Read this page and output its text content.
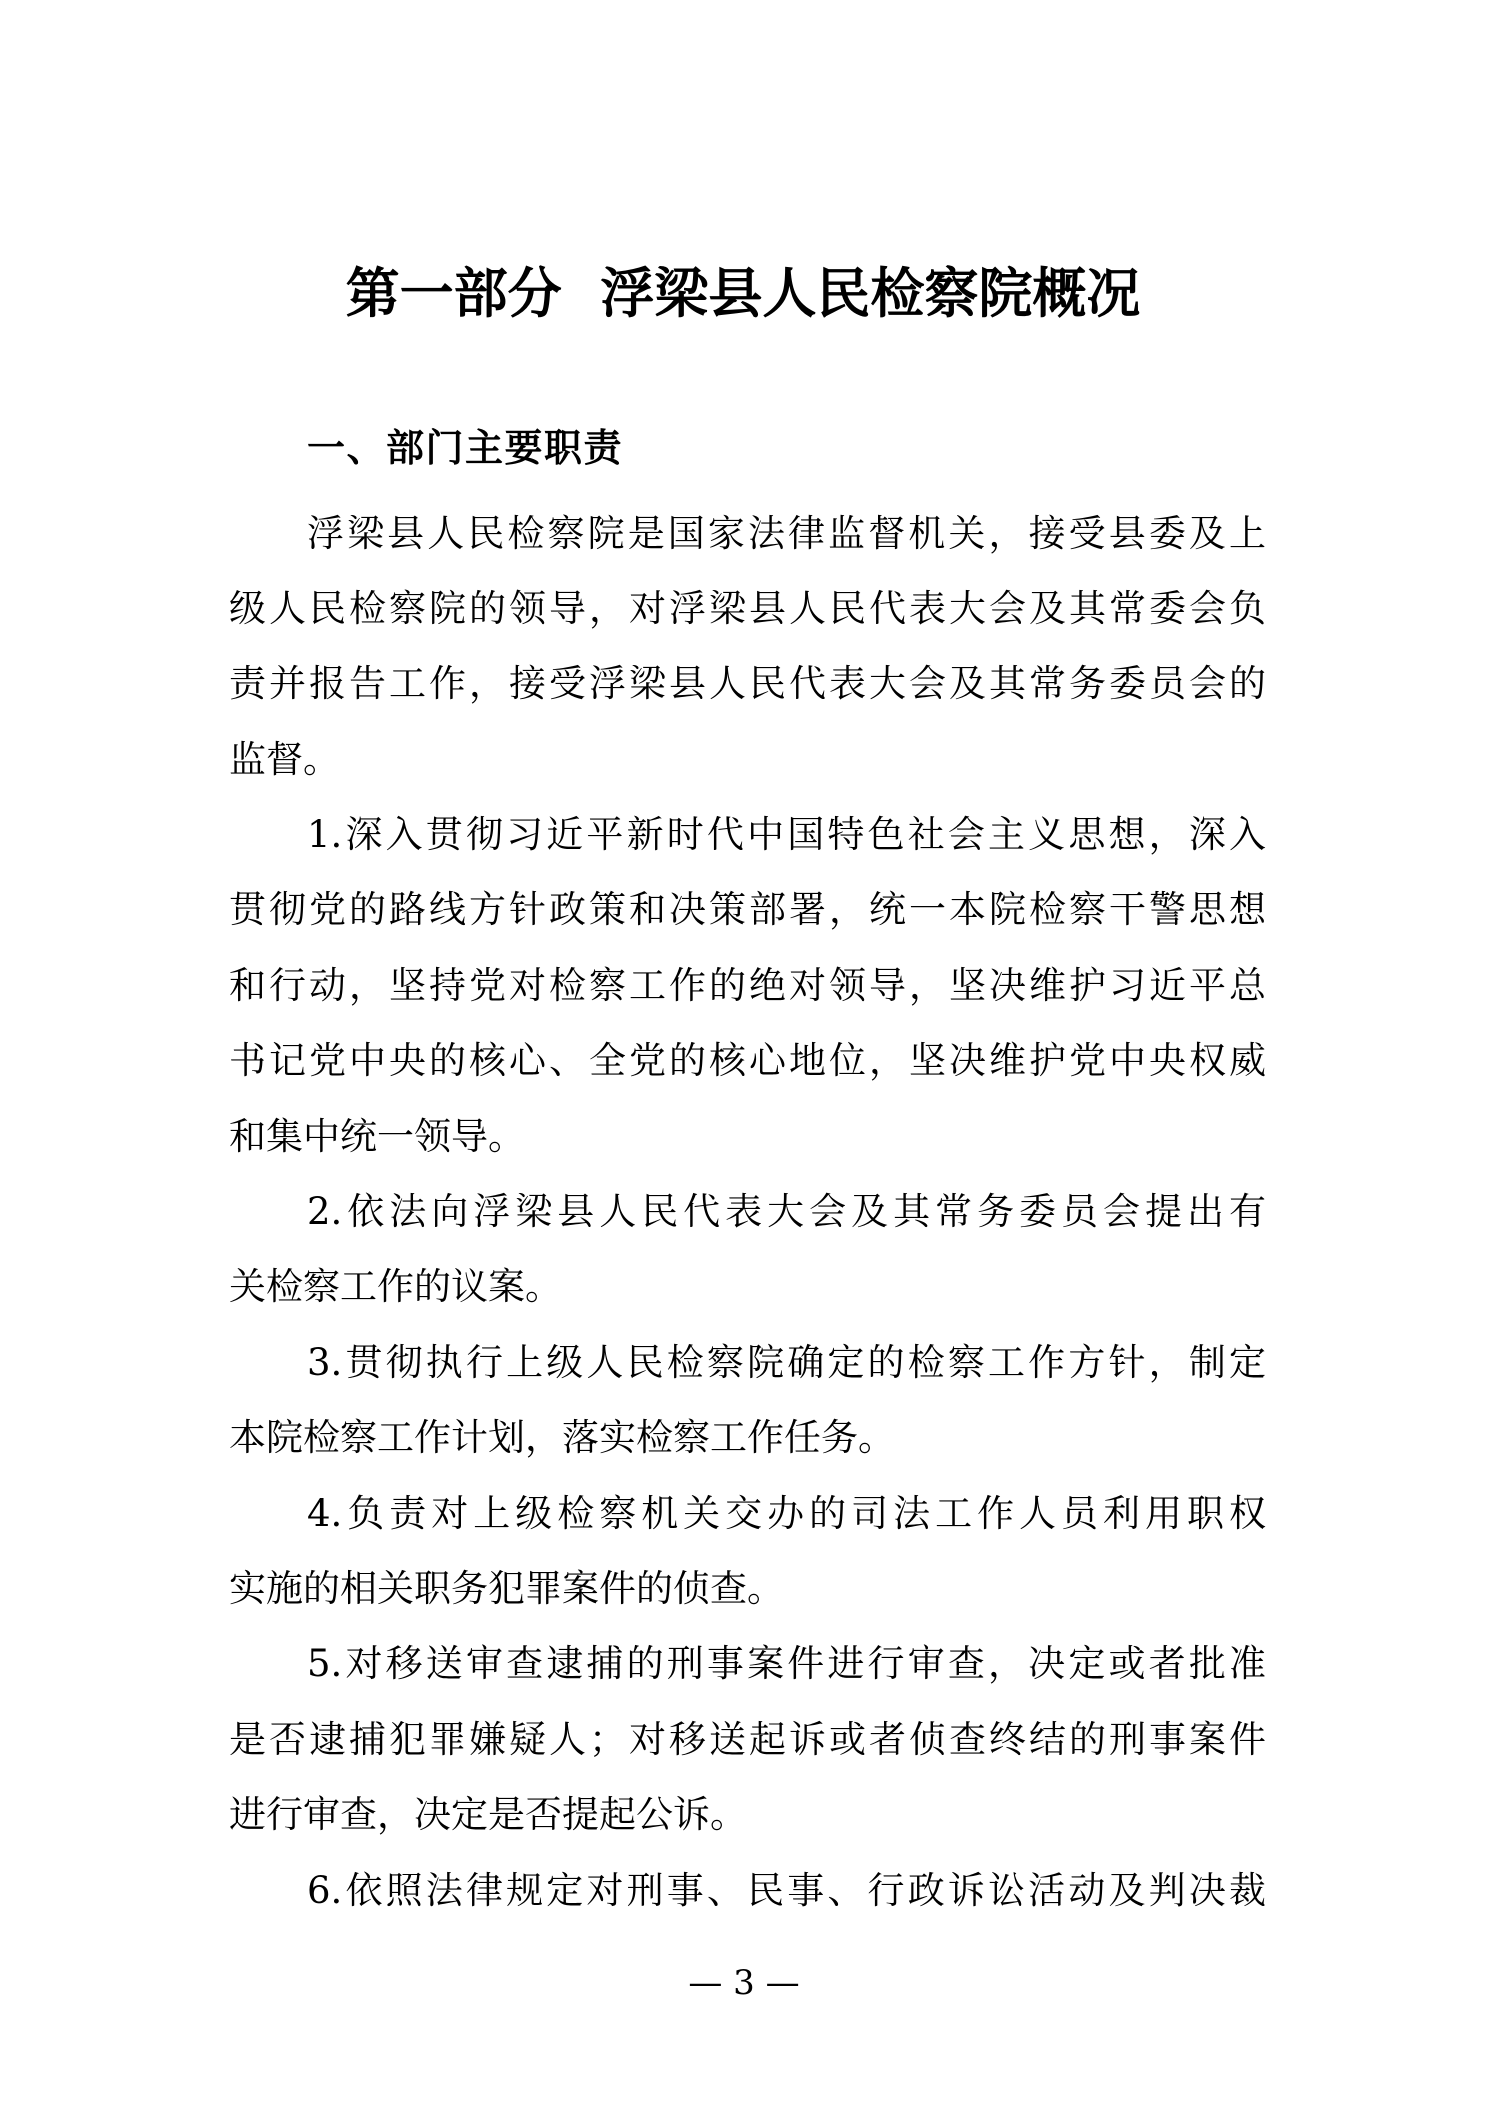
第一部分 浮梁县人民检察院概况
一、部门主要职责
浮梁县人民检察院是国家法律监督机关，接受县委及上
级人民检察院的领导，对浮梁县人民代表大会及其常委会负
责并报告工作，接受浮梁县人民代表大会及其常务委员会的
监督。
1.深入贯彻习近平新时代中国特色社会主义思想，深入
贯彻党的路线方针政策和决策部署，统一本院检察干警思想
和行动，坚持党对检察工作的绝对领导，坚决维护习近平总
书记党中央的核心、全党的核心地位，坚决维护党中央权威
和集中统一领导。
2.依法向浮梁县人民代表大会及其常务委员会提出有
关检察工作的议案。
3.贯彻执行上级人民检察院确定的检察工作方针，制定
本院检察工作计划，落实检察工作任务。
4.负责对上级检察机关交办的司法工作人员利用职权
实施的相关职务犯罪案件的侦查。
5.对移送审查逮捕的刑事案件进行审查，决定或者批准
是否逮捕犯罪嫌疑人；对移送起诉或者侦查终结的刑事案件
进行审查，决定是否提起公诉。
6.依照法律规定对刑事、民事、行政诉讼活动及判决裁
— 3 —
